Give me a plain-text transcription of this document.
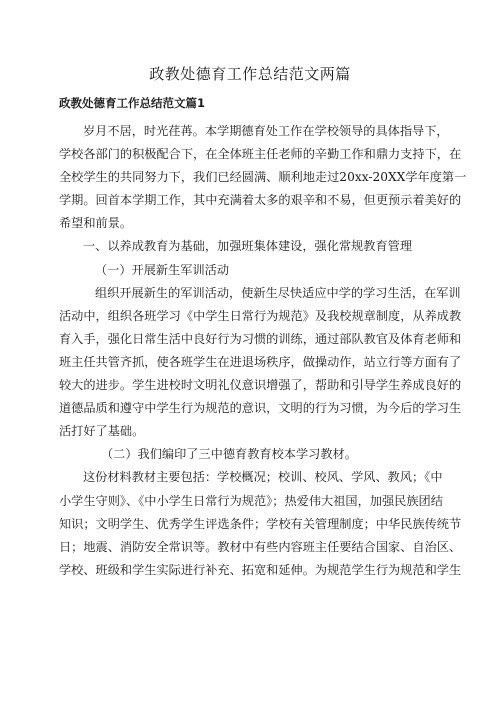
政教处德育工作总结范文两篇
政教处德育工作总结范文篇1
岁月不居，时光荏苒。本学期德育处工作在学校领导的具体指导下，
学校各部门的积极配合下，在全体班主任老师的辛勤工作和鼎力支持下，在
全校学生的共同努力下，我们已经圆满、顺利地走过20xx-20XX学年度第一
学期。回首本学期工作，其中充满着太多的艰辛和不易，但更预示着美好的
希望和前景。
一、以养成教育为基础，加强班集体建设，强化常规教育管理
（一）开展新生军训活动
组织开展新生的军训活动，使新生尽快适应中学的学习生活，在军训
活动中，组织各班学习《中学生日常行为规范》及我校规章制度，从养成教
育入手，强化日常生活中良好行为习惯的训练，通过部队教官及体育老师和
班主任共管齐抓，使各班学生在进退场秩序，做操动作，站立行等方面有了
较大的进步。学生进校时文明礼仪意识增强了，帮助和引导学生养成良好的
道德品质和遵守中学生行为规范的意识，文明的行为习惯，为今后的学习生
活打好了基础。
（二）我们编印了三中德育教育校本学习教材。
这份材料教材主要包括：学校概况；校训、校风、学风、教风；《中
小学生守则》、《中小学生日常行为规范》；热爱伟大祖国，加强民族团结
知识；文明学生、优秀学生评选条件；学校有关管理制度；中华民族传统节
日；地震、消防安全常识等。教材中有些内容班主任要结合国家、自治区、
学校、班级和学生实际进行补充、拓宽和延伸。为规范学生行为规范和学生
